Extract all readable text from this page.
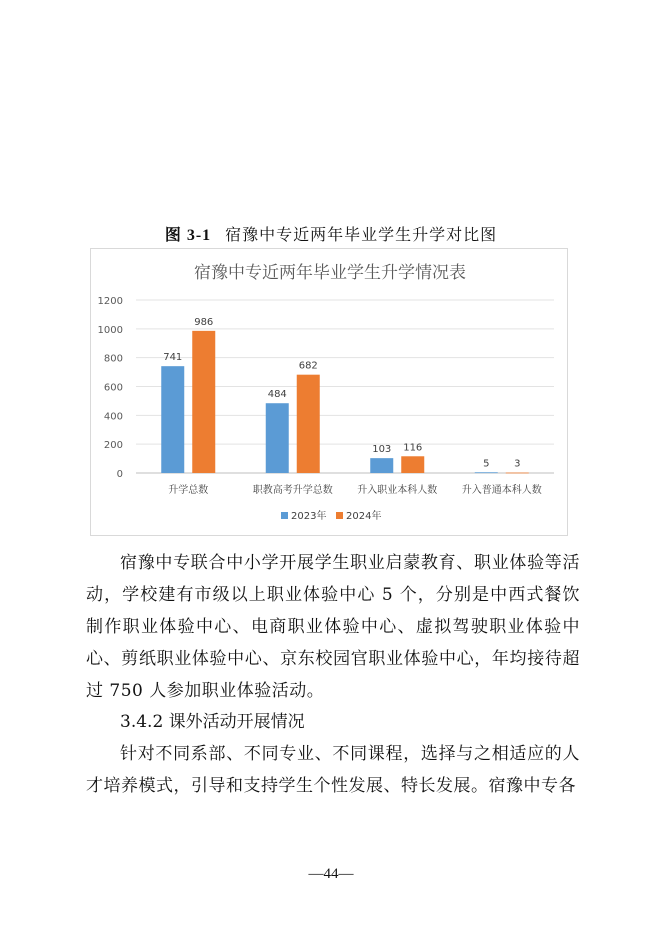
图 3-1 宿豫中专近两年毕业学生升学对比图
宿豫中专近两年毕业学生升学情况表
0
200
400
600
800
1000
1200
741
986
升学总数
484
682
职教高考升学总数
103 116
升入职业本科人数
5 3
升入普通本科人数
2023年 2024年

宿豫中专联合中小学开展学生职业启蒙教育、职业体验等活动，学校建有市级以上职业体验中心 5 个，分别是中西式餐饮制作职业体验中心、电商职业体验中心、虚拟驾驶职业体验中心、剪纸职业体验中心、京东校园官职业体验中心，年均接待超过 750 人参加职业体验活动。

3.4.2 课外活动开展情况

针对不同系部、不同专业、不同课程，选择与之相适应的人才培养模式，引导和支持学生个性发展、特长发展。宿豫中专各

—44—
